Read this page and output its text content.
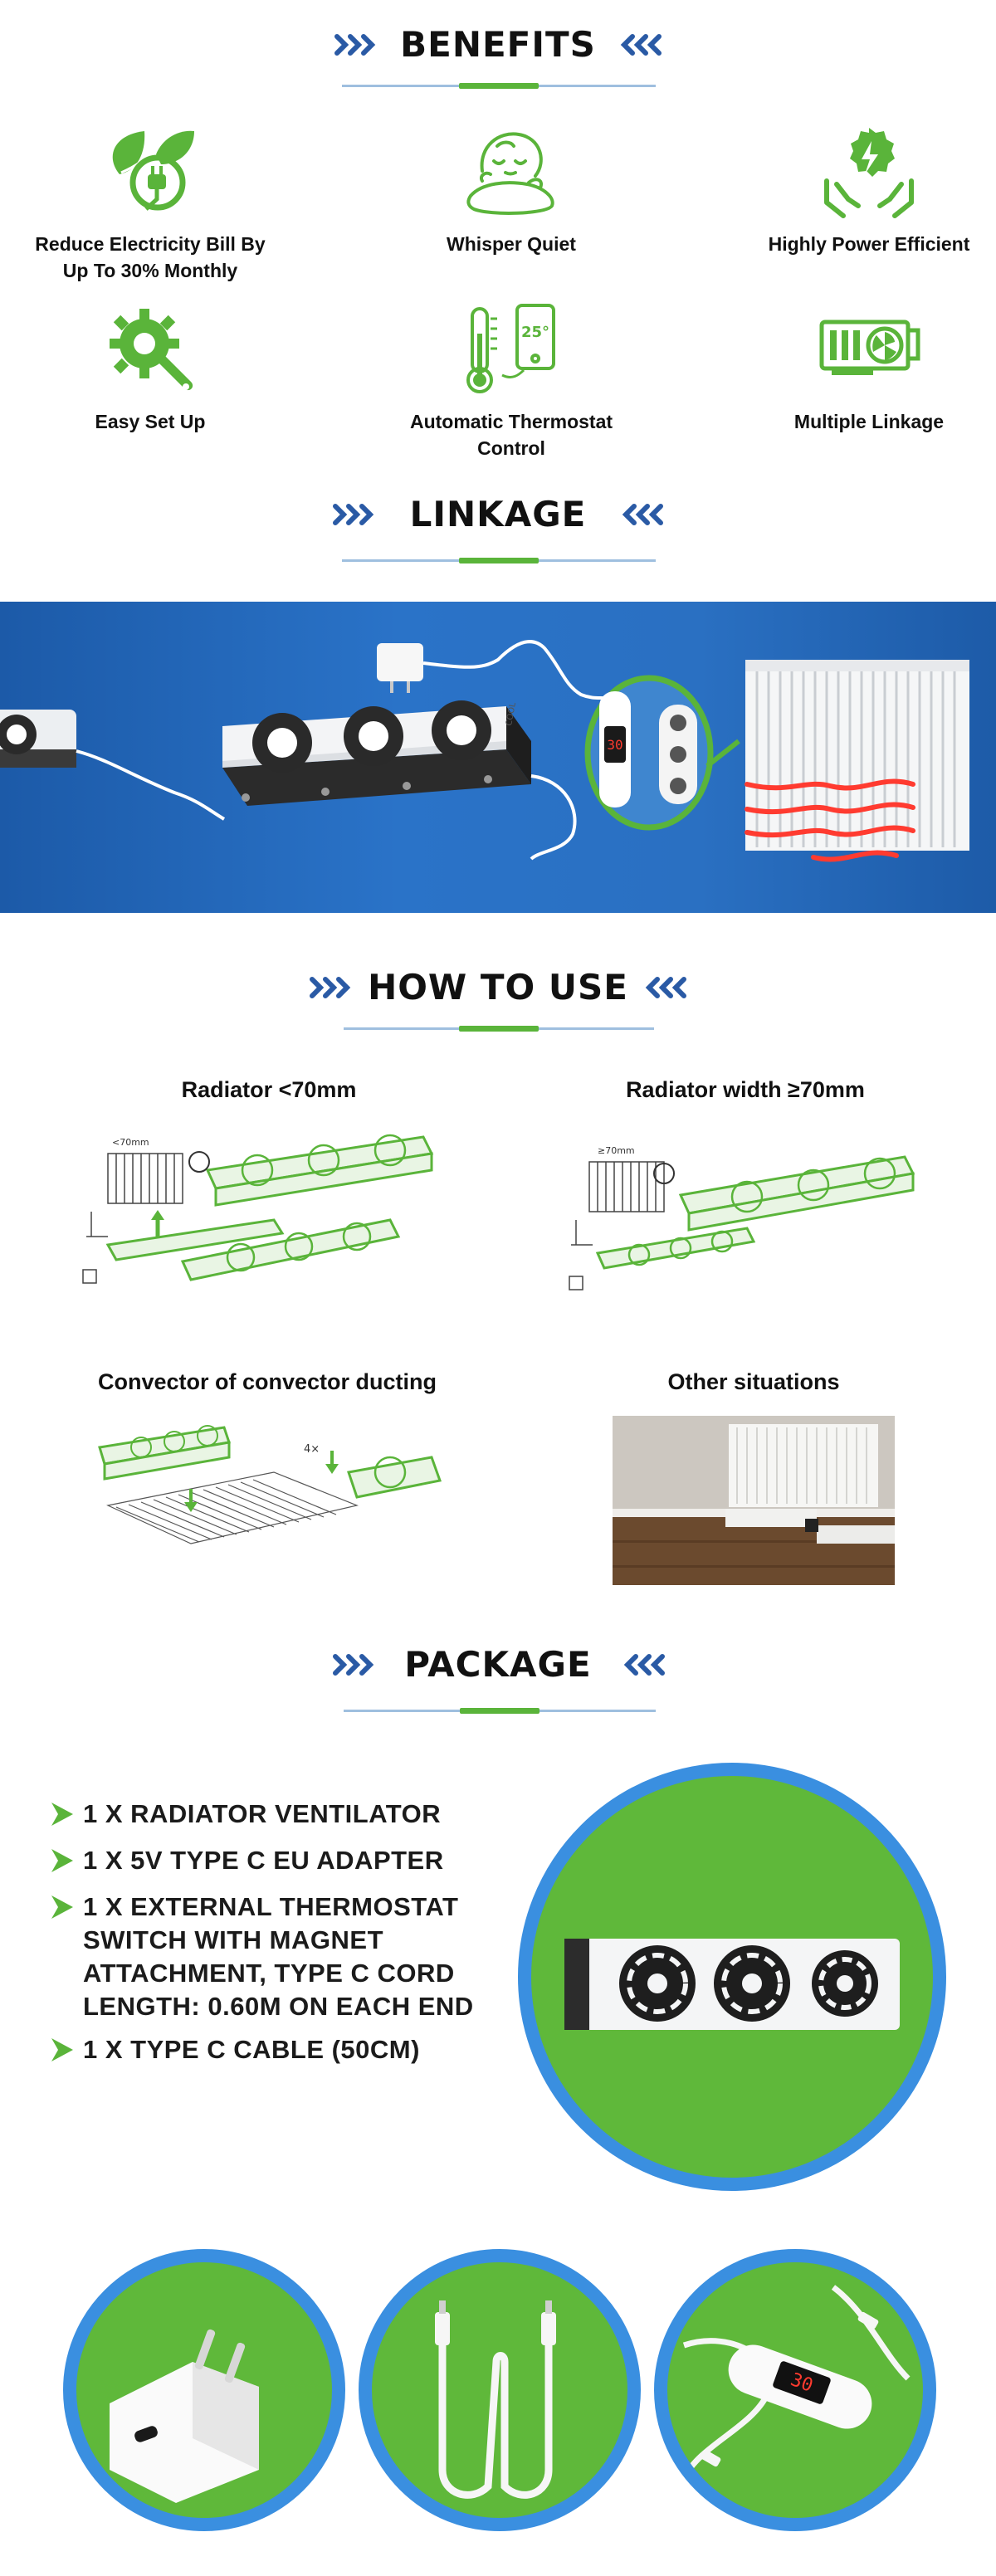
BENEFITS
Reduce Electricity Bill By Up To 30% Monthly
Whisper Quiet	Highly Power Efficient
Easy Set Up
25°
Automatic Thermostat Control
Multiple Linkage
LINKAGE
COOL
30
HOW TO USE
Radiator <70mm	Radiator width ≥70mm
<70mm
≥70mm
Convector of convector ducting	Other situations
4×
PACKAGE
1 X RADIATOR VENTILATOR
1 X 5V TYPE C EU ADAPTER
1 X EXTERNAL THERMOSTAT SWITCH WITH MAGNET ATTACHMENT, TYPE C CORD LENGTH: 0.60M ON EACH END
1 X TYPE C CABLE (50CM)
30
